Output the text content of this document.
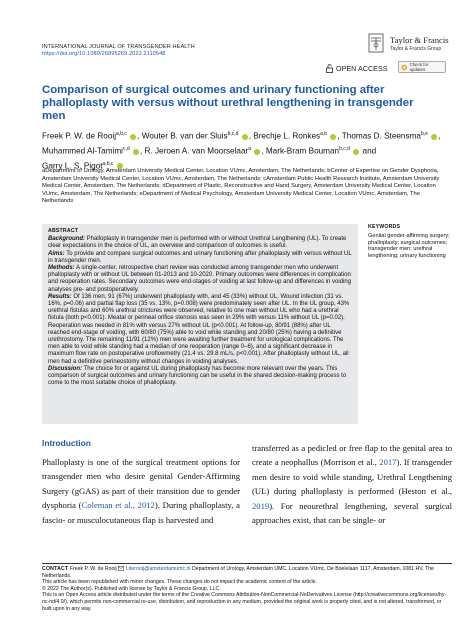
INTERNATIONAL JOURNAL OF TRANSGENDER HEALTH
https://doi.org/10.1080/26895269.2022.2110548
Taylor & Francis
Taylor & Francis Group
OPEN ACCESS	Check for updates
Comparison of surgical outcomes and urinary functioning after phalloplasty with versus without urethral lengthening in transgender men
Freek P. W. de Rooij$^{a,b,c}$ , Wouter B. van der Sluis$^{b,c,d}$ , Brechje L. Ronkes$^{a,b}$ , Thomas D. Steensma$^{b,e}$ ,
Muhammed Al-Tamimi$^{c,d}$ , R. Jeroen A. van Moorselaar$^a$ , Mark-Bram Bouman$^{b,c,d}$  and
Garry L. S. Pigot$^{a,b,c}$
aDepartment of Urology, Amsterdam University Medical Center, Location VUmc, Amsterdam, The Netherlands; bCenter of Expertise on Gender Dysphoria, Amsterdam University Medical Center, Location VUmc, Amsterdam, The Netherlands; cAmsterdam Public Health Research Institute, Amsterdam University Medical Center, Amsterdam, The Netherlands; dDepartment of Plastic, Reconstructive and Hand Surgery, Amsterdam University Medical Center, Location VUmc, Amsterdam, The Netherlands; eDepartment of Medical Psychology, Amsterdam University Medical Center, Location VUmc, Amsterdam, The Netherlands
ABSTRACT
Background: Phalloplasty in transgender men is performed with or without Urethral Lengthening (UL). To create clear expectations in the choice of UL, an overview and comparison of outcomes is useful.
Aims: To provide and compare surgical outcomes and urinary functioning after phalloplasty with versus without UL in transgender men.
Methods: A single-center, retrospective chart review was conducted among transgender men who underwent phalloplasty with or without UL between 01-2013 and 10-2020. Primary outcomes were differences in complication and reoperation rates. Secondary outcomes were end-stages of voiding at last follow-up and differences in voiding analyses pre- and postoperatively.
Results: Of 136 men, 91 (67%) underwent phalloplasty with, and 45 (33%) without UL. Wound infection (31 vs. 16%, p=0.06) and partial flap loss (35 vs. 13%, p=0.008) were predominately seen after UL. In the UL group, 43% urethral fistulas and 60% urethral strictures were observed, relative to one man without UL who had a urethral fistula (both p<0.001). Meatal or perineal orifice stenosis was seen in 29% with versus 11% without UL (p=0.02). Reoperation was needed in 81% with versus 27% without UL (p<0.001). At follow-up, 80/91 (88%) after UL reached end-stage of voiding, with 60/80 (75%) able to void while standing and 20/80 (25%) having a definitive urethrostomy. The remaining 11/91 (12%) men were awaiting further treatment for urological complications. The men able to void while standing had a median of one reoperation (range 0–6), and a significant decrease in maximum flow rate on postoperative uroflowmetry (21.4 vs. 29.8 mL/s, p<0.001). After phalloplasty without UL, all men had a definitive perineostomy without changes in voiding analyses.
Discussion: The choice for or against UL during phalloplasty has become more relevant over the years. This comparison of surgical outcomes and urinary functioning can be useful in the shared decision-making process to come to the most suitable choice of phalloplasty.
KEYWORDS
Genital gender-affirming surgery; phalloplasty; surgical outcomes; transgender men; urethral lengthening; urinary functioning
Introduction
Phalloplasty is one of the surgical treatment options for transgender men who desire genital Gender-Affirming Surgery (gGAS) as part of their transition due to gender dysphoria (Coleman et al., 2012). During phalloplasty, a fascio- or musculocutaneous flap is harvested and
transferred as a pedicled or free flap to the genital area to create a neophallus (Morrison et al., 2017). If transgender men desire to void while standing, Urethral Lengthening (UL) during phalloplasty is performed (Heston et al., 2019). For neourethral lengthening, several surgical approaches exist, that can be single- or
CONTACT Freek P. W. de Rooij  f.derooij@amsterdamumc.nl Department of Urology, Amsterdam UMC, Location VUmc, De Boelelaan 1117, Amsterdam, 1081 HV, The Netherlands.
This article has been republished with minor changes. These changes do not impact the academic content of the article.
© 2022 The Author(s). Published with license by Taylor & Francis Group, LLC.
This is an Open Access article distributed under the terms of the Creative Commons Attribution-NonCommercial-NoDerivatives License (http://creativecommons.org/licenses/by-nc-nd/4.0/), which permits non-commercial re-use, distribution, and reproduction in any medium, provided the original work is properly cited, and is not altered, transformed, or built upon in any way.
